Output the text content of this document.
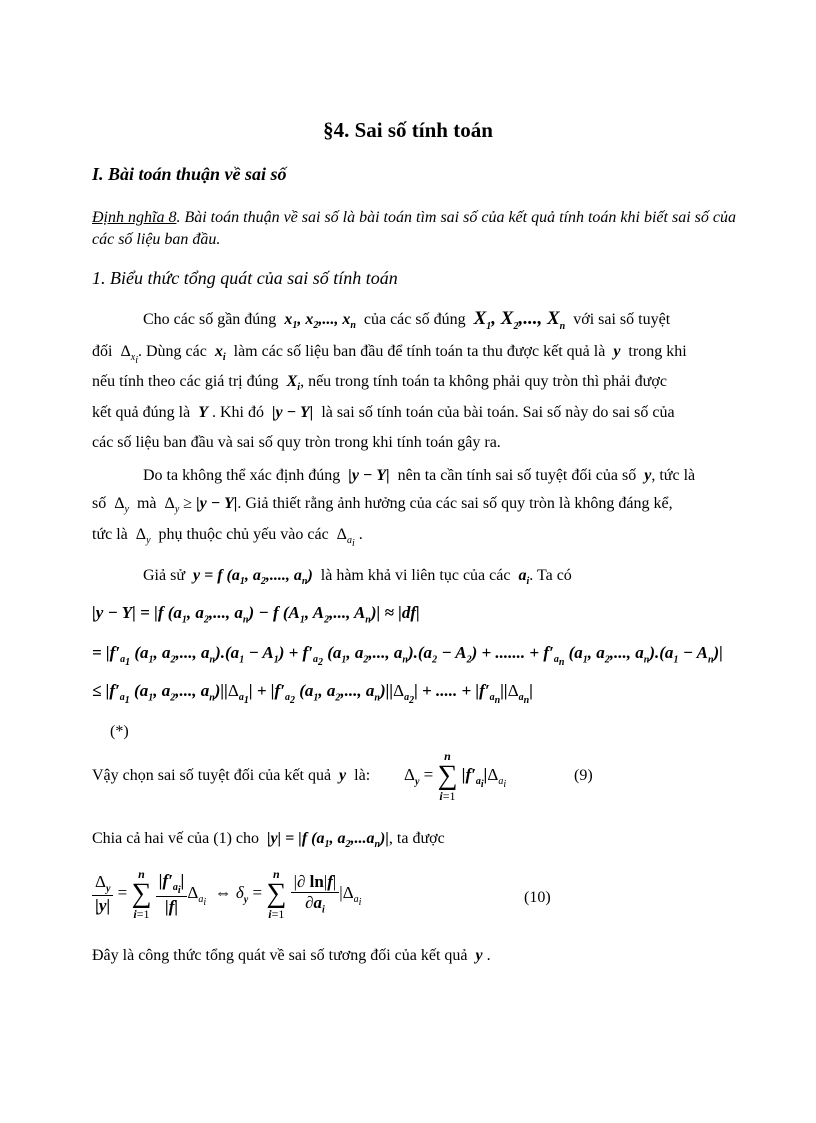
§4. Sai số tính toán
I. Bài toán thuận về sai số
Định nghĩa 8. Bài toán thuận về sai số là bài toán tìm sai số của kết quả tính toán khi biết sai số của các số liệu ban đầu.
1. Biểu thức tổng quát của sai số tính toán
Cho các số gần đúng $x_1$, $x_2$,..., $x_n$ của các số đúng $X_1$, $X_2$,..., $X_n$ với sai số tuyệt
đối $\Delta_{x_i}$. Dùng các $x_i$ làm các số liệu ban đầu để tính toán ta thu được kết quả là y trong khi
nếu tính theo các giá trị đúng $X_i$, nếu trong tính toán ta không phải quy tròn thì phải được
kết quả đúng là Y . Khi đó |y − Y| là sai số tính toán của bài toán. Sai số này do sai số của
các số liệu ban đầu và sai số quy tròn trong khi tính toán gây ra.
Do ta không thể xác định đúng |y − Y| nên ta cần tính sai số tuyệt đối của số y, tức là
số $\Delta_y$ mà $\Delta_y \ge |y - Y|$. Giả thiết rằng ảnh hưởng của các sai số quy tròn là không đáng kể,
tức là $\Delta_y$ phụ thuộc chủ yếu vào các $\Delta_{a_i}$ .
Giả sử y = f ($a_1$, $a_2$,...., $a_n$) là hàm khả vi liên tục của các $a_i$. Ta có
|y − Y| = |f ($a_1$, $a_2$,..., $a_n) - f$ ($A_1$, $A_2$,..., $A_n)| \approx |df|$
= $|f'_{a_1}$ ($a_1$, $a_2$,..., $a_n).(a_1 - A_1) + f'_{a_2}$ ($a_1$, $a_2$,..., $a_n).(a_2 - A_2)$ + ....... + $f'_{a_n}$ ($a_1$, $a_2$,..., $a_n).(a_1 - A_n)|$
≤ $|f'_{a_1}$ ($a_1$, $a_2$,..., $a_n)||\Delta_{a_1}| + |f'_{a_2}$ ($a_1$, $a_2$,..., $a_n)||\Delta_{a_2}|$ + ..... + $|f'_{a_n}||\Delta_{a_n}|$
(*)
Vậy chọn sai số tuyệt đối của kết quả y là: $\Delta_y = n$
∑
i=1 $|f'_{a_i}|\Delta_{a_i}$
(9)
Chia cả hai vế của (1) cho |y| = |f ($a_1$, $a_2,...a_n)|$, ta được
$\frac{\Delta_y}{|y|} = n$
∑
$i=1 \frac{|f'_{a_i}|}{|f|} \Delta_{a_i}$  ⇔ $\delta_y = n$
∑
$i=1 \frac{|\partial \ln|f|}{\partial a_i} |\Delta_{a_i}$	(10)
Đây là công thức tổng quát về sai số tương đối của kết quả y .
